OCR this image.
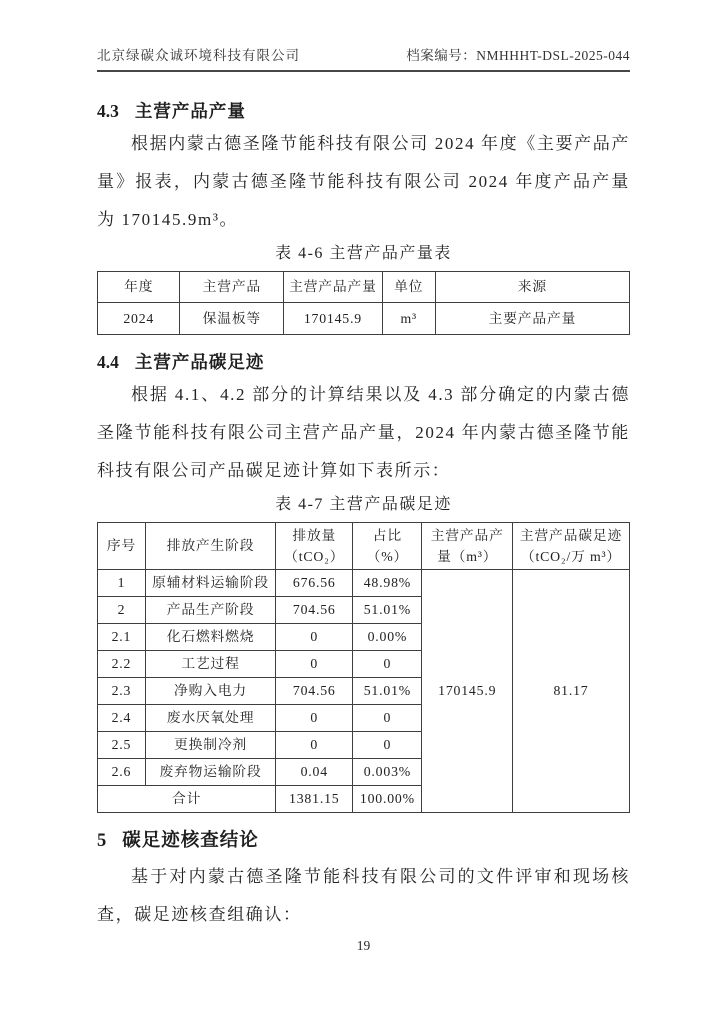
北京绿碳众诚环境科技有限公司	档案编号：NMHHHT-DSL-2025-044
4.3 主营产品产量

根据内蒙古德圣隆节能科技有限公司 2024 年度《主要产品产量》报表，内蒙古德圣隆节能科技有限公司 2024 年度产品产量为 170145.9m³。

表 4-6 主营产品产量表
年度	主营产品	主营产品产量	单位	来源
2024	保温板等	170145.9	m³	主要产品产量
4.4 主营产品碳足迹

根据 4.1、4.2 部分的计算结果以及 4.3 部分确定的内蒙古德圣隆节能科技有限公司主营产品产量，2024 年内蒙古德圣隆节能科技有限公司产品碳足迹计算如下表所示：

表 4-7 主营产品碳足迹
序号	排放产生阶段	排放量（tCO₂）	占比（%）	主营产品产量（m³）	主营产品碳足迹（tCO₂/万 m³）
1	原辅材料运输阶段	676.56	48.98%	170145.9	81.17
2	产品生产阶段	704.56	51.01%		
2.1	化石燃料燃烧	0	0.00%		
2.2	工艺过程	0	0		
2.3	净购入电力	704.56	51.01%		
2.4	废水厌氧处理	0	0		
2.5	更换制冷剂	0	0		
2.6	废弃物运输阶段	0.04	0.003%		
合计		1381.15	100.00%		
5 碳足迹核查结论

基于对内蒙古德圣隆节能科技有限公司的文件评审和现场核查，碳足迹核查组确认：

19
